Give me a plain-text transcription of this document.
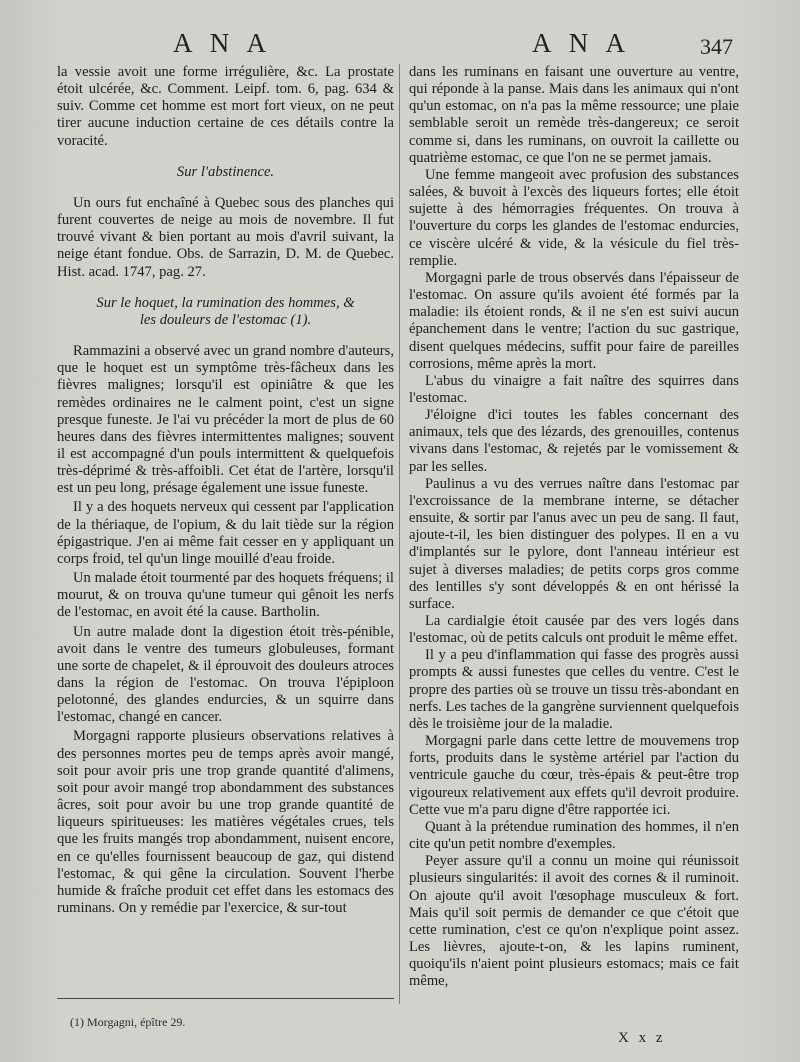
A N A	A N A	347

la vessie avoit une forme irrégulière, &c. La prostate étoit ulcérée, &c. Comment. Leipf. tom. 6, pag. 634 & suiv. Comme cet homme est mort fort vieux, on ne peut tirer aucune induction certaine de ces détails contre la voracité.

Sur l'abstinence.

Un ours fut enchaîné à Quebec sous des planches qui furent couvertes de neige au mois de novembre. Il fut trouvé vivant & bien portant au mois d'avril suivant, la neige étant fondue. Obs. de Sarrazin, D. M. de Quebec. Hist. acad. 1747, pag. 27.

Sur le hoquet, la rumination des hommes, &
les douleurs de l'estomac (1).

Rammazini a observé avec un grand nombre d'auteurs, que le hoquet est un symptôme très-fâcheux dans les fièvres malignes; lorsqu'il est opiniâtre & que les remèdes ordinaires ne le calment point, c'est un signe presque funeste. Je l'ai vu précéder la mort de plus de 60 heures dans des fièvres intermittentes malignes; souvent il est accompagné d'un pouls intermittent & quelquefois très-déprimé & très-affoibli. Cet état de l'artère, lorsqu'il est un peu long, présage également une issue funeste.

Il y a des hoquets nerveux qui cessent par l'application de la thériaque, de l'opium, & du lait tiède sur la région épigastrique. J'en ai même fait cesser en y appliquant un corps froid, tel qu'un linge mouillé d'eau froide.

Un malade étoit tourmenté par des hoquets fréquens; il mourut, & on trouva qu'une tumeur qui gênoit les nerfs de l'estomac, en avoit été la cause. Bartholin.

Un autre malade dont la digestion étoit très-pénible, avoit dans le ventre des tumeurs globuleuses, formant une sorte de chapelet, & il éprouvoit des douleurs atroces dans la région de l'estomac. On trouva l'épiploon pelotonné, des glandes endurcies, & un squirre dans l'estomac, changé en cancer.

Morgagni rapporte plusieurs observations relatives à des personnes mortes peu de temps après avoir mangé, soit pour avoir pris une trop grande quantité d'alimens, soit pour avoir mangé trop abondamment des substances âcres, soit pour avoir bu une trop grande quantité de liqueurs spiritueuses: les matières végétales crues, tels que les fruits mangés trop abondamment, nuisent encore, en ce qu'elles fournissent beaucoup de gaz, qui distend l'estomac, & qui gêne la circulation. Souvent l'herbe humide & fraîche produit cet effet dans les estomacs des ruminans. On y remédie par l'exercice, & sur-tout

(1) Morgagni, épître 29.

dans les ruminans en faisant une ouverture au ventre, qui réponde à la panse. Mais dans les animaux qui n'ont qu'un estomac, on n'a pas la même ressource; une plaie semblable seroit un remède très-dangereux; ce seroit comme si, dans les ruminans, on ouvroit la caillette ou quatrième estomac, ce que l'on ne se permet jamais.

Une femme mangeoit avec profusion des substances salées, & buvoit à l'excès des liqueurs fortes; elle étoit sujette à des hémorragies fréquentes. On trouva à l'ouverture du corps les glandes de l'estomac endurcies, ce viscère ulcéré & vide, & la vésicule du fiel très-remplie.

Morgagni parle de trous observés dans l'épaisseur de l'estomac. On assure qu'ils avoient été formés par la maladie: ils étoient ronds, & il ne s'en est suivi aucun épanchement dans le ventre; l'action du suc gastrique, disent quelques médecins, suffit pour faire de pareilles corrosions, même après la mort.

L'abus du vinaigre a fait naître des squirres dans l'estomac.

J'éloigne d'ici toutes les fables concernant des animaux, tels que des lézards, des grenouilles, contenus vivans dans l'estomac, & rejetés par le vomissement & par les selles.

Paulinus a vu des verrues naître dans l'estomac par l'excroissance de la membrane interne, se détacher ensuite, & sortir par l'anus avec un peu de sang. Il faut, ajoute-t-il, les bien distinguer des polypes. Il en a vu d'implantés sur le pylore, dont l'anneau intérieur est sujet à diverses maladies; de petits corps gros comme des lentilles s'y sont développés & en ont hérissé la surface.

La cardialgie étoit causée par des vers logés dans l'estomac, où de petits calculs ont produit le même effet.

Il y a peu d'inflammation qui fasse des progrès aussi prompts & aussi funestes que celles du ventre. C'est le propre des parties où se trouve un tissu très-abondant en nerfs. Les taches de la gangrène surviennent quelquefois dès le troisième jour de la maladie.

Morgagni parle dans cette lettre de mouvemens trop forts, produits dans le système artériel par l'action du ventricule gauche du cœur, très-épais & peut-être trop vigoureux relativement aux effets qu'il devroit produire. Cette vue m'a paru digne d'être rapportée ici.

Quant à la prétendue rumination des hommes, il n'en cite qu'un petit nombre d'exemples.

Peyer assure qu'il a connu un moine qui réunissoit plusieurs singularités: il avoit des cornes & il ruminoit. On ajoute qu'il avoit l'œsophage musculeux & fort. Mais qu'il soit permis de demander ce que c'étoit que cette rumination, c'est ce qu'on n'explique point assez. Les lièvres, ajoute-t-on, & les lapins ruminent, quoiqu'ils n'aient point plusieurs estomacs; mais ce fait même,

X x z
